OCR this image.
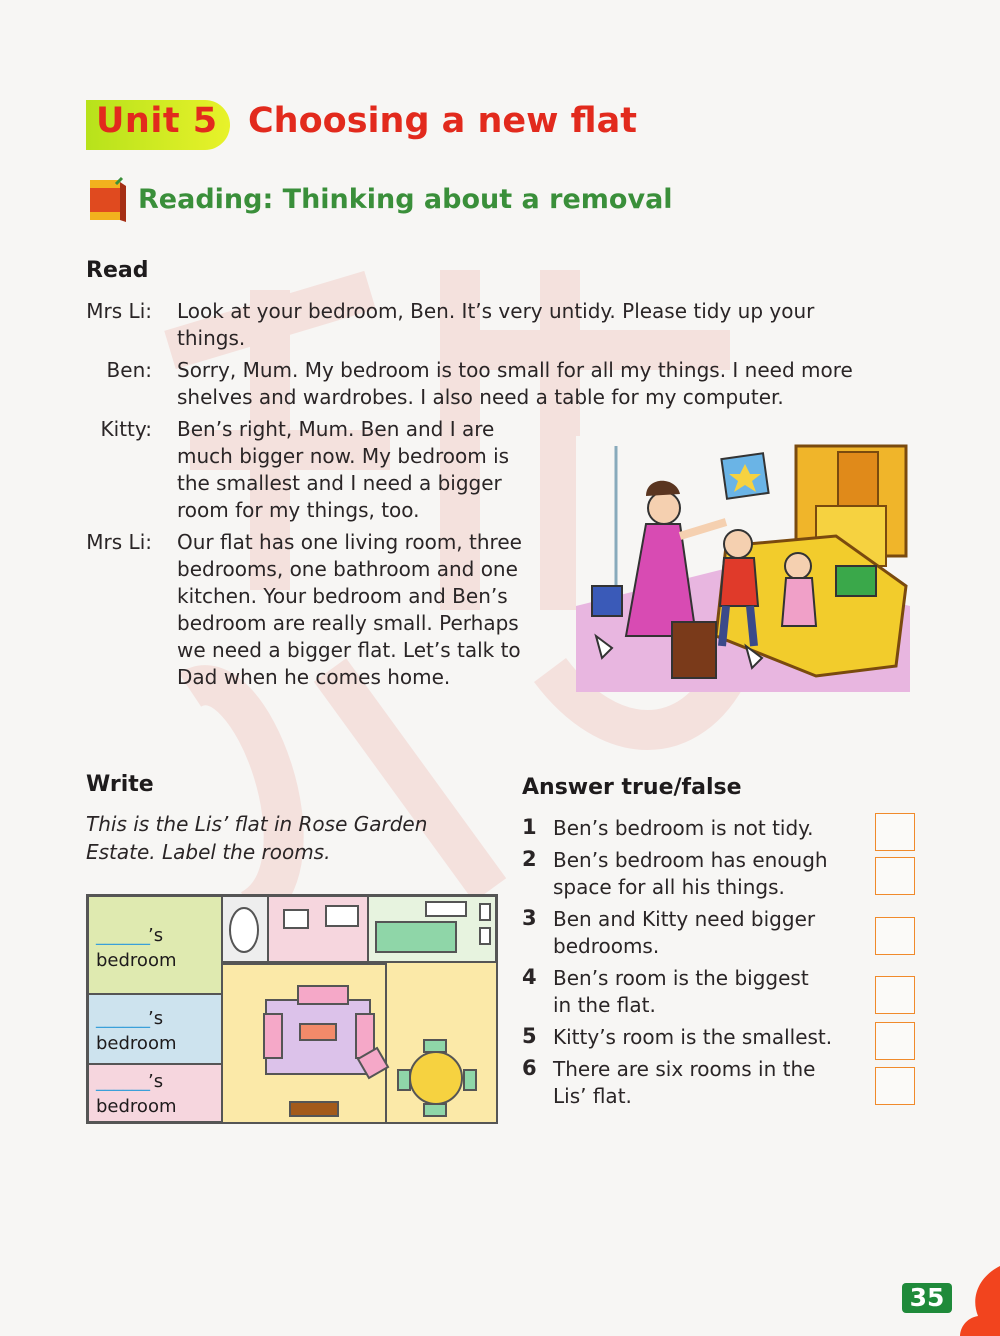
Unit 5 Choosing a new flat
Reading: Thinking about a removal
Read
Mrs Li: Look at your bedroom, Ben. It’s very untidy. Please tidy up your
things.
Ben: Sorry, Mum. My bedroom is too small for all my things. I need more
shelves and wardrobes. I also need a table for my computer.
Kitty: Ben’s right, Mum. Ben and I are
much bigger now. My bedroom is
the smallest and I need a bigger
room for my things, too.
Mrs Li: Our flat has one living room, three
bedrooms, one bathroom and one
kitchen. Your bedroom and Ben’s
bedroom are really small. Perhaps
we need a bigger flat. Let’s talk to
Dad when he comes home.
Write
This is the Lis’ flat in Rose Garden
Estate. Label the rooms.
______
’s
bedroom
______
’s
bedroom
______
’s
bedroom
Answer true/false
1 Ben’s bedroom is not tidy.
2 Ben’s bedroom has enough
space for all his things.
3 Ben and Kitty need bigger
bedrooms.
4 Ben’s room is the biggest
in the flat.
5 Kitty’s room is the smallest.
6 There are six rooms in the
Lis’ flat.
35
